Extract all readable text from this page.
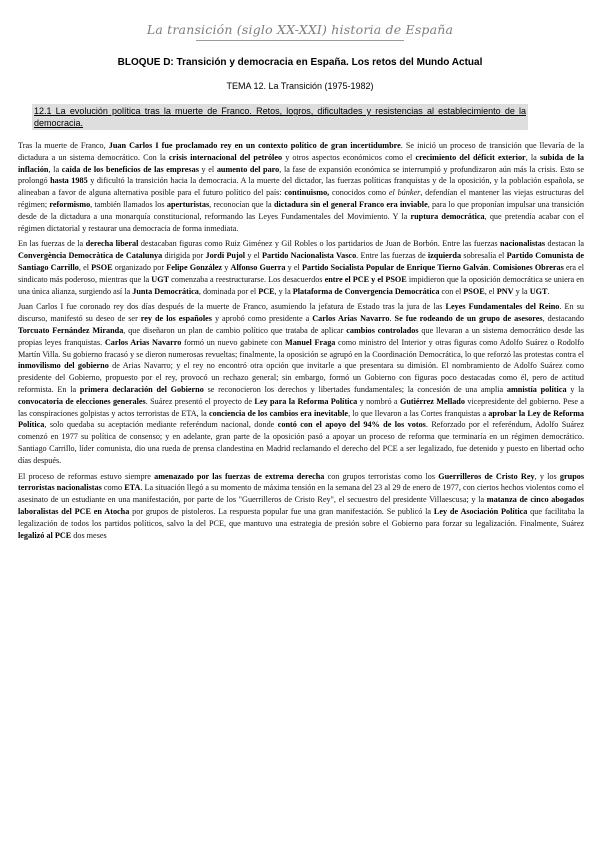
La transición (siglo XX-XXI) historia de España
BLOQUE D: Transición y democracia en España. Los retos del Mundo Actual
TEMA 12. La Transición (1975-1982)
12.1 La evolución política tras la muerte de Franco. Retos, logros, dificultades y resistencias al establecimiento de la democracia.

Tras la muerte de Franco, Juan Carlos I fue proclamado rey en un contexto político de gran incertidumbre. Se inició un proceso de transición que llevaría de la dictadura a un sistema democrático. Con la crisis internacional del petróleo y otros aspectos económicos como el crecimiento del déficit exterior, la subida de la inflación, la caída de los beneficios de las empresas y el aumento del paro, la fase de expansión económica se interrumpió y profundizaron aún más la crisis. Esto se prolongó hasta 1985 y dificultó la transición hacia la democracia. A la muerte del dictador, las fuerzas políticas franquistas y de la oposición, y la población española, se alineaban a favor de alguna alternativa posible para el futuro político del país: continuismo, conocidos como el búnker, defendían el mantener las viejas estructuras del régimen; reformismo, también llamados los aperturistas, reconocían que la dictadura sin el general Franco era inviable, para lo que proponían impulsar una transición desde de la dictadura a una monarquía constitucional, reformando las Leyes Fundamentales del Movimiento. Y la ruptura democrática, que pretendía acabar con el régimen dictatorial y restaurar una democracia de forma inmediata.

En las fuerzas de la derecha liberal destacaban figuras como Ruiz Giménez y Gil Robles o los partidarios de Juan de Borbón. Entre las fuerzas nacionalistas destacan la Convergència Democràtica de Catalunya dirigida por Jordi Pujol y el Partido Nacionalista Vasco. Entre las fuerzas de izquierda sobresalía el Partido Comunista de Santiago Carrillo, el PSOE organizado por Felipe González y Alfonso Guerra y el Partido Socialista Popular de Enrique Tierno Galván. Comisiones Obreras era el sindicato más poderoso, mientras que la UGT comenzaba a reestructurarse. Los desacuerdos entre el PCE y el PSOE impidieron que la oposición democrática se uniera en una única alianza, surgiendo así la Junta Democrática, dominada por el PCE, y la Plataforma de Convergencia Democrática con el PSOE, el PNV y la UGT.

Juan Carlos I fue coronado rey dos días después de la muerte de Franco, asumiendo la jefatura de Estado tras la jura de las Leyes Fundamentales del Reino. En su discurso, manifestó su deseo de ser rey de los españoles y aprobó como presidente a Carlos Arias Navarro. Se fue rodeando de un grupo de asesores, destacando Torcuato Fernández Miranda, que diseñaron un plan de cambio político que trataba de aplicar cambios controlados que llevaran a un sistema democrático desde las propias leyes franquistas. Carlos Arias Navarro formó un nuevo gabinete con Manuel Fraga como ministro del Interior y otras figuras como Adolfo Suárez o Rodolfo Martín Villa. Su gobierno fracasó y se dieron numerosas revueltas; finalmente, la oposición se agrupó en la Coordinación Democrática, lo que reforzó las protestas contra el inmovilismo del gobierno de Arias Navarro; y el rey no encontró otra opción que invitarle a que presentara su dimisión. El nombramiento de Adolfo Suárez como presidente del Gobierno, propuesto por el rey, provocó un rechazo general; sin embargo, formó un Gobierno con figuras poco destacadas como él, pero de actitud reformista. En la primera declaración del Gobierno se reconocieron los derechos y libertades fundamentales; la concesión de una amplia amnistía política y la convocatoria de elecciones generales. Suárez presentó el proyecto de Ley para la Reforma Política y nombró a Gutiérrez Mellado vicepresidente del gobierno. Pese a las conspiraciones golpistas y actos terroristas de ETA, la conciencia de los cambios era inevitable, lo que llevaron a las Cortes franquistas a aprobar la Ley de Reforma Política, solo quedaba su aceptación mediante referéndum nacional, donde contó con el apoyo del 94% de los votos. Reforzado por el referéndum, Adolfo Suárez comenzó en 1977 su política de consenso; y en adelante, gran parte de la oposición pasó a apoyar un proceso de reforma que terminaría en un régimen democrático. Santiago Carrillo, líder comunista, dio una rueda de prensa clandestina en Madrid reclamando el derecho del PCE a ser legalizado, fue detenido y puesto en libertad ocho días después.

El proceso de reformas estuvo siempre amenazado por las fuerzas de extrema derecha con grupos terroristas como los Guerrilleros de Cristo Rey, y los grupos terroristas nacionalistas como ETA. La situación llegó a su momento de máxima tensión en la semana del 23 al 29 de enero de 1977, con ciertos hechos violentos como el asesinato de un estudiante en una manifestación, por parte de los "Guerrilleros de Cristo Rey", el secuestro del presidente Villaescusa; y la matanza de cinco abogados laboralistas del PCE en Atocha por grupos de pistoleros. La respuesta popular fue una gran manifestación. Se publicó la Ley de Asociación Política que facilitaba la legalización de todos los partidos políticos, salvo la del PCE, que mantuvo una estrategia de presión sobre el Gobierno para forzar su legalización. Finalmente, Suárez legalizó al PCE dos meses
